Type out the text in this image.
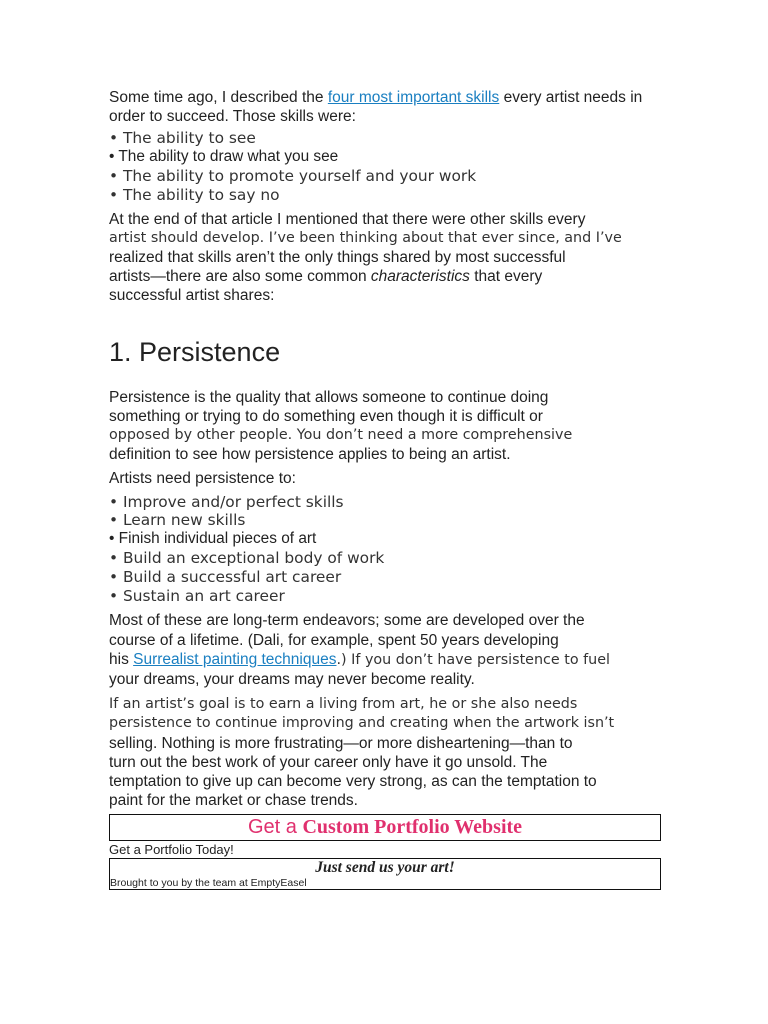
Some time ago, I described the four most important skills every artist needs in order to succeed. Those skills were:

• The ability to see
• The ability to draw what you see
• The ability to promote yourself and your work
• The ability to say no

At the end of that article I mentioned that there were other skills every

artist should develop. I’ve been thinking about that ever since, and I’ve

realized that skills aren’t the only things shared by most successful

artists—there are also some common characteristics that every

successful artist shares:

1. Persistence

Persistence is the quality that allows someone to continue doing

something or trying to do something even though it is difficult or

opposed by other people. You don’t need a more comprehensive

definition to see how persistence applies to being an artist.

Artists need persistence to:

• Improve and/or perfect skills
• Learn new skills
• Finish individual pieces of art
• Build an exceptional body of work
• Build a successful art career
• Sustain an art career

Most of these are long-term endeavors; some are developed over the

course of a lifetime. (Dali, for example, spent 50 years developing

his Surrealist painting techniques.) If you don’t have persistence to fuel

your dreams, your dreams may never become reality.

If an artist’s goal is to earn a living from art, he or she also needs

persistence to continue improving and creating when the artwork isn’t

selling. Nothing is more frustrating—or more disheartening—than to

turn out the best work of your career only have it go unsold. The

temptation to give up can become very strong, as can the temptation to

paint for the market or chase trends.

Get a Custom Portfolio Website
Get a Portfolio Today!
Just send us your art!
Brought to you by the team at EmptyEasel
